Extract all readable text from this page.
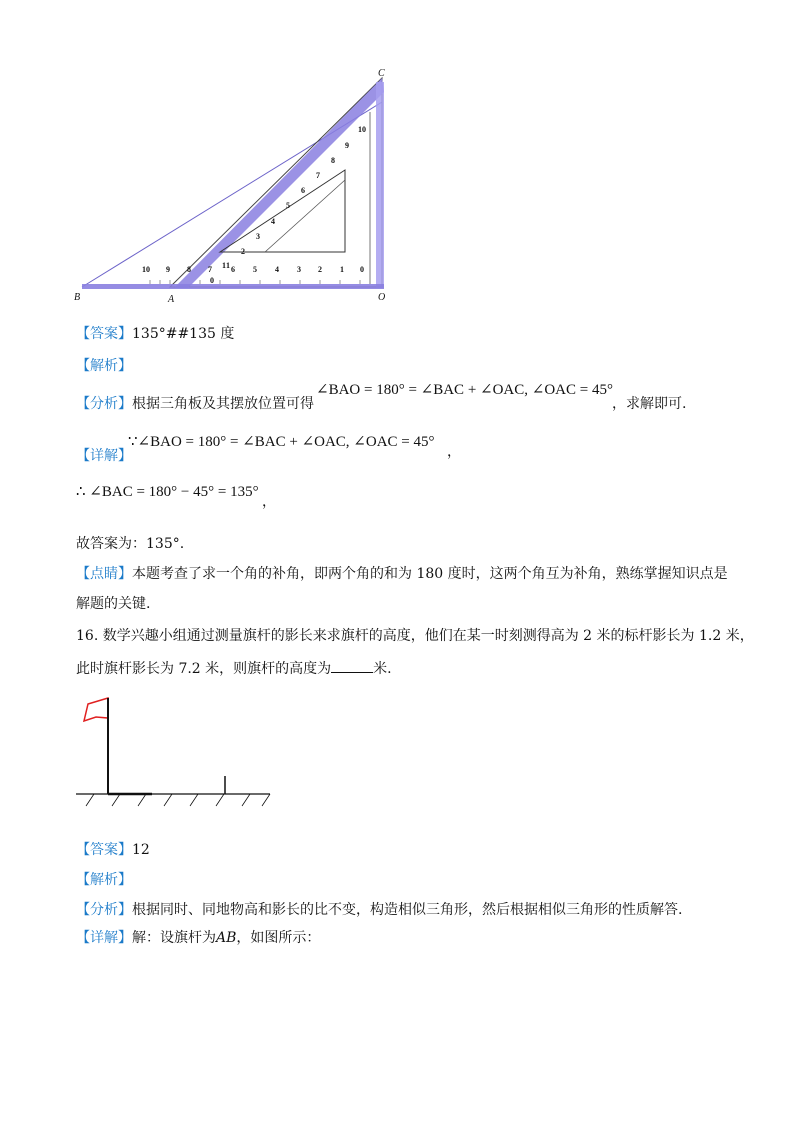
10
9
8
7
6
5
4
3
2
1
10 9 8 7 6 5 4 3 2 1 0
0
1
B	A	O
C
【答案】135°##135 度
【解析】
【分析】根据三角板及其摆放位置可得
∠BAO = 180° = ∠BAC + ∠OAC, ∠OAC = 45°
，求解即可.
∵∠BAO = 180° = ∠BAC + ∠OAC, ∠OAC = 45°
，
【详解】
∴ ∠BAC = 180° − 45° = 135°
，
故答案为：135°.
【点睛】本题考查了求一个角的补角，即两个角的和为 180 度时，这两个角互为补角，熟练掌握知识点是
解题的关键.
16. 数学兴趣小组通过测量旗杆的影长来求旗杆的高度，他们在某一时刻测得高为 2 米的标杆影长为 1.2 米，
此时旗杆影长为 7.2 米，则旗杆的高度为	米.
【答案】12
【解析】
【分析】根据同时、同地物高和影长的比不变，构造相似三角形，然后根据相似三角形的性质解答.
【详解】解：设旗杆为AB，如图所示：
